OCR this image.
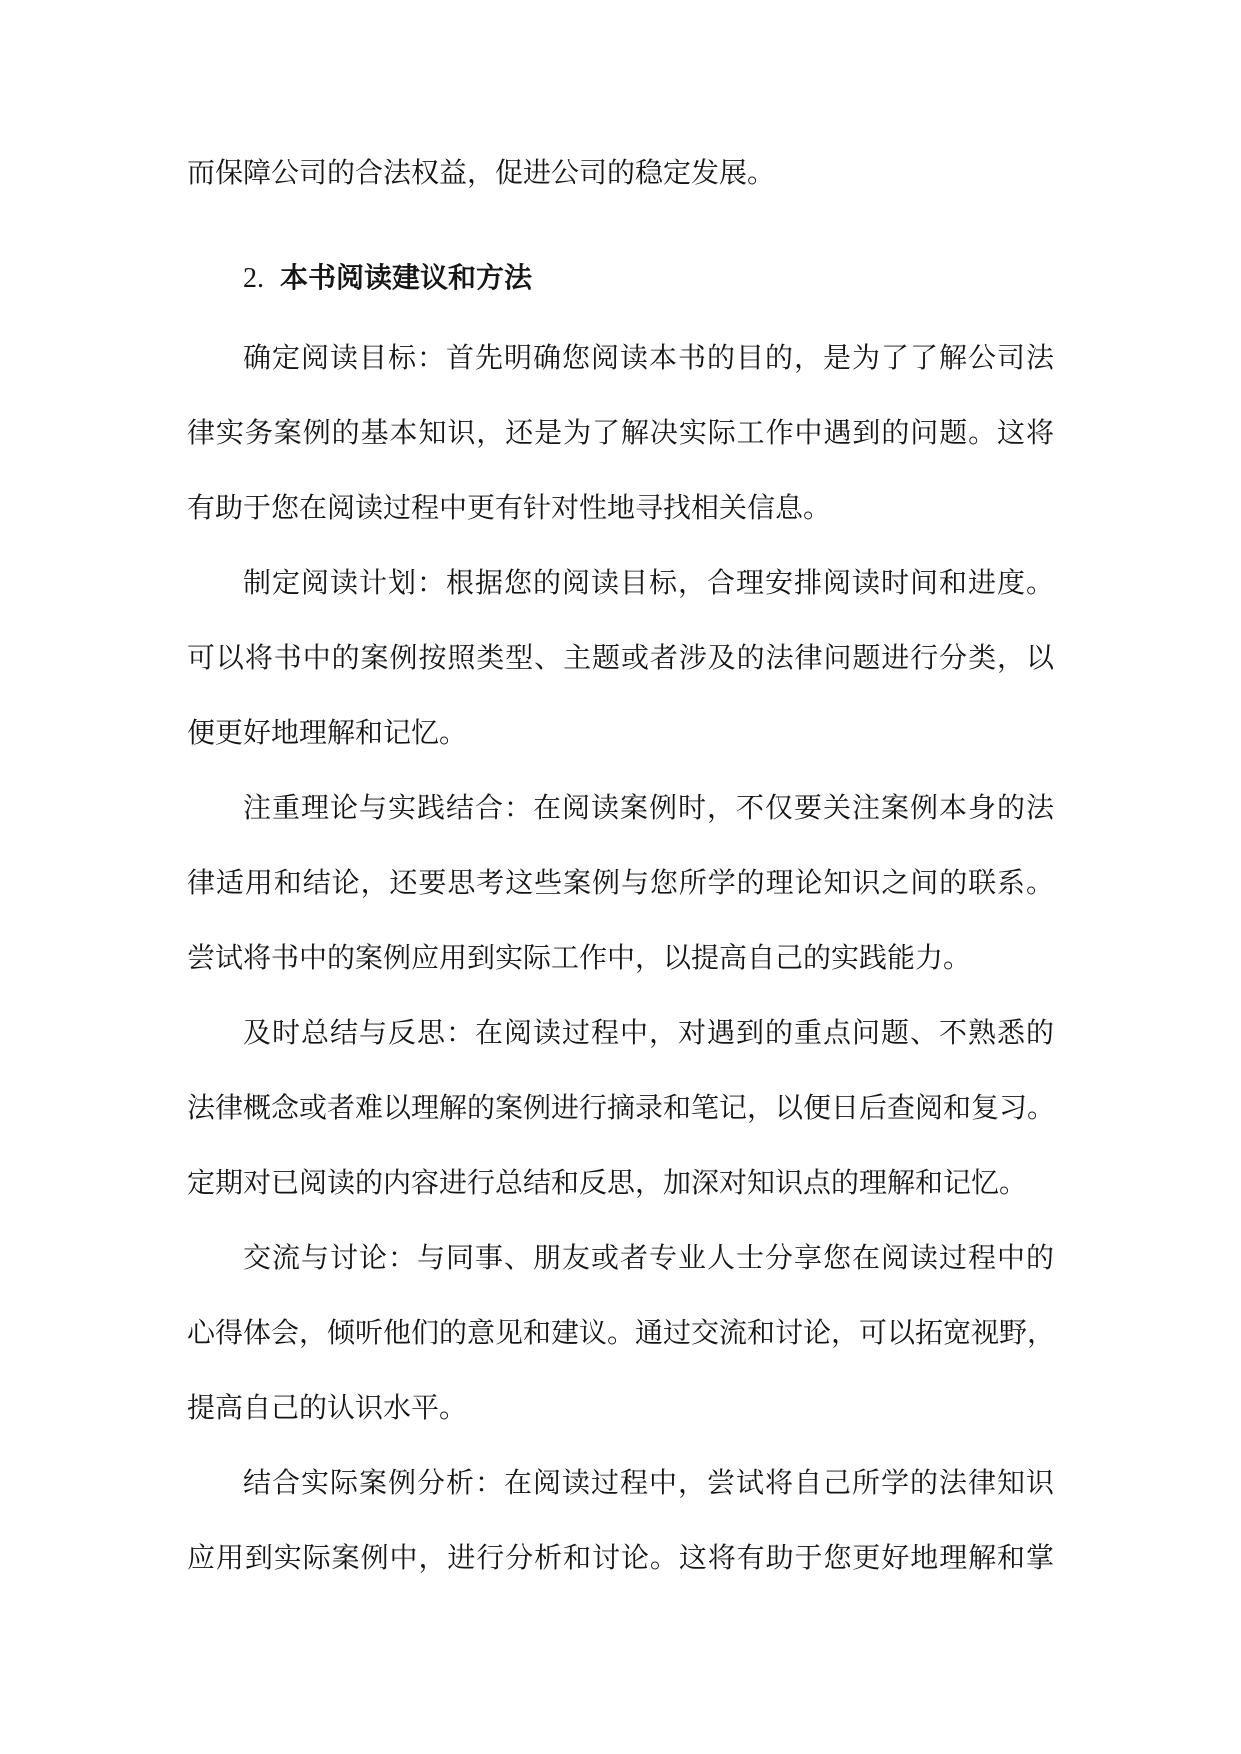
而保障公司的合法权益，促进公司的稳定发展。
2. 本书阅读建议和方法
确定阅读目标：首先明确您阅读本书的目的，是为了了解公司法
律实务案例的基本知识，还是为了解决实际工作中遇到的问题。这将
有助于您在阅读过程中更有针对性地寻找相关信息。
制定阅读计划：根据您的阅读目标，合理安排阅读时间和进度。
可以将书中的案例按照类型、主题或者涉及的法律问题进行分类，以
便更好地理解和记忆。
注重理论与实践结合：在阅读案例时，不仅要关注案例本身的法
律适用和结论，还要思考这些案例与您所学的理论知识之间的联系。
尝试将书中的案例应用到实际工作中，以提高自己的实践能力。
及时总结与反思：在阅读过程中，对遇到的重点问题、不熟悉的
法律概念或者难以理解的案例进行摘录和笔记，以便日后查阅和复习。
定期对已阅读的内容进行总结和反思，加深对知识点的理解和记忆。
交流与讨论：与同事、朋友或者专业人士分享您在阅读过程中的
心得体会，倾听他们的意见和建议。通过交流和讨论，可以拓宽视野，
提高自己的认识水平。
结合实际案例分析：在阅读过程中，尝试将自己所学的法律知识
应用到实际案例中，进行分析和讨论。这将有助于您更好地理解和掌
